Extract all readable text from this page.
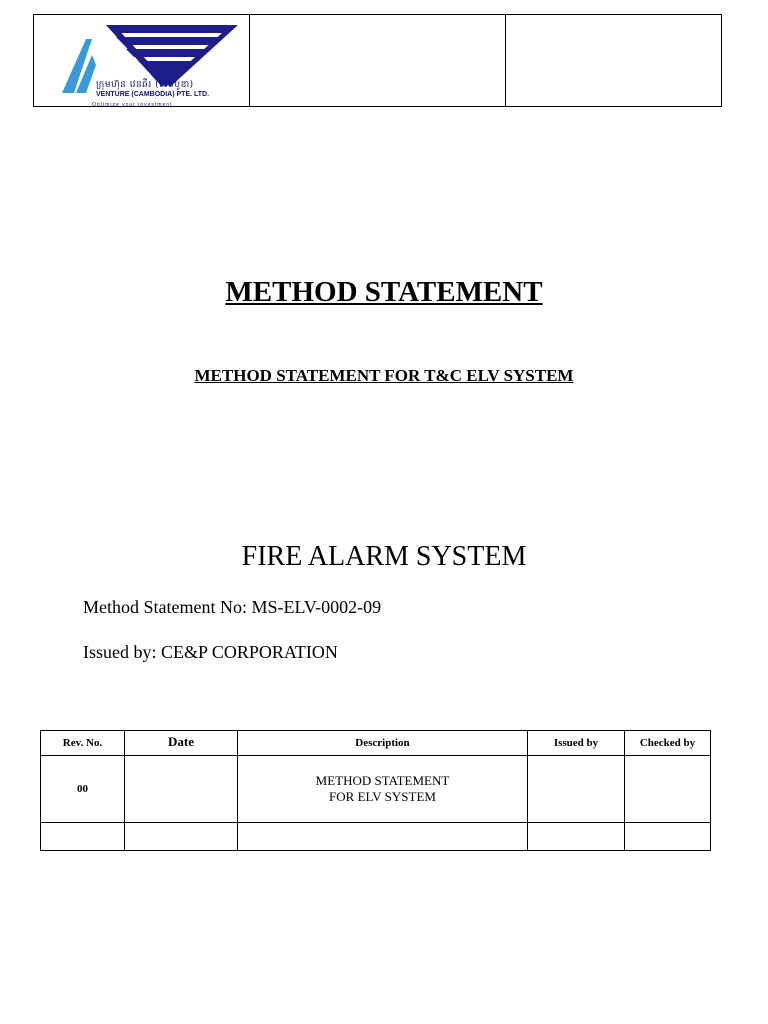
ក្រុមហ៊ុន វេនឆឺរ (ខេមបូឌា)
VENTURE (CAMBODIA) PTE. LTD.
Optimize your investment

METHOD STATEMENT
METHOD STATEMENT FOR T&C ELV SYSTEM
FIRE ALARM SYSTEM
Method Statement No: MS-ELV-0002-09
Issued by: CE&P CORPORATION
Rev. No.	Date	Description	Issued by	Checked by
00		METHOD STATEMENT
FOR ELV SYSTEM		
